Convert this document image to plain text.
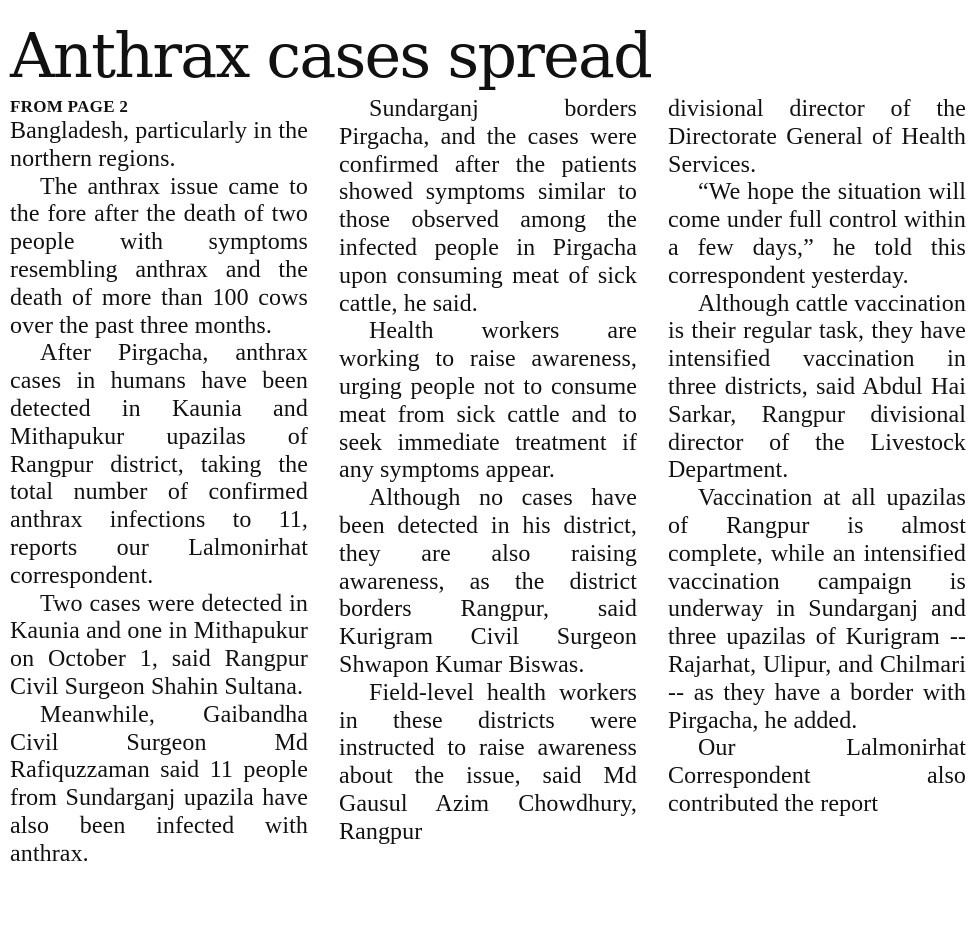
Anthrax cases spread
FROM PAGE 2

Bangladesh, particularly in the northern regions.

The anthrax issue came to the fore after the death of two people with symptoms resembling anthrax and the death of more than 100 cows over the past three months.

After Pirgacha, anthrax cases in humans have been detected in Kaunia and Mithapukur upazilas of Rangpur district, taking the total number of confirmed anthrax infections to 11, reports our Lalmonirhat correspondent.

Two cases were detected in Kaunia and one in Mithapukur on October 1, said Rangpur Civil Surgeon Shahin Sultana.

Meanwhile, Gaibandha Civil Surgeon Md Rafiquzzaman said 11 people from Sundarganj upazila have also been infected with anthrax.

Sundarganj borders Pirgacha, and the cases were confirmed after the patients showed symptoms similar to those observed among the infected people in Pirgacha upon consuming meat of sick cattle, he said.

Health workers are working to raise awareness, urging people not to consume meat from sick cattle and to seek immediate treatment if any symptoms appear.

Although no cases have been detected in his district, they are also raising awareness, as the district borders Rangpur, said Kurigram Civil Surgeon Shwapon Kumar Biswas.

Field-level health workers in these districts were instructed to raise awareness about the issue, said Md Gausul Azim Chowdhury, Rangpur

divisional director of the Directorate General of Health Services.

“We hope the situation will come under full control within a few days,” he told this correspondent yesterday.

Although cattle vaccination is their regular task, they have intensified vaccination in three districts, said Abdul Hai Sarkar, Rangpur divisional director of the Livestock Department.

Vaccination at all upazilas of Rangpur is almost complete, while an intensified vaccination campaign is underway in Sundarganj and three upazilas of Kurigram -- Rajarhat, Ulipur, and Chilmari -- as they have a border with Pirgacha, he added.

Our Lalmonirhat Correspondent also contributed the report
